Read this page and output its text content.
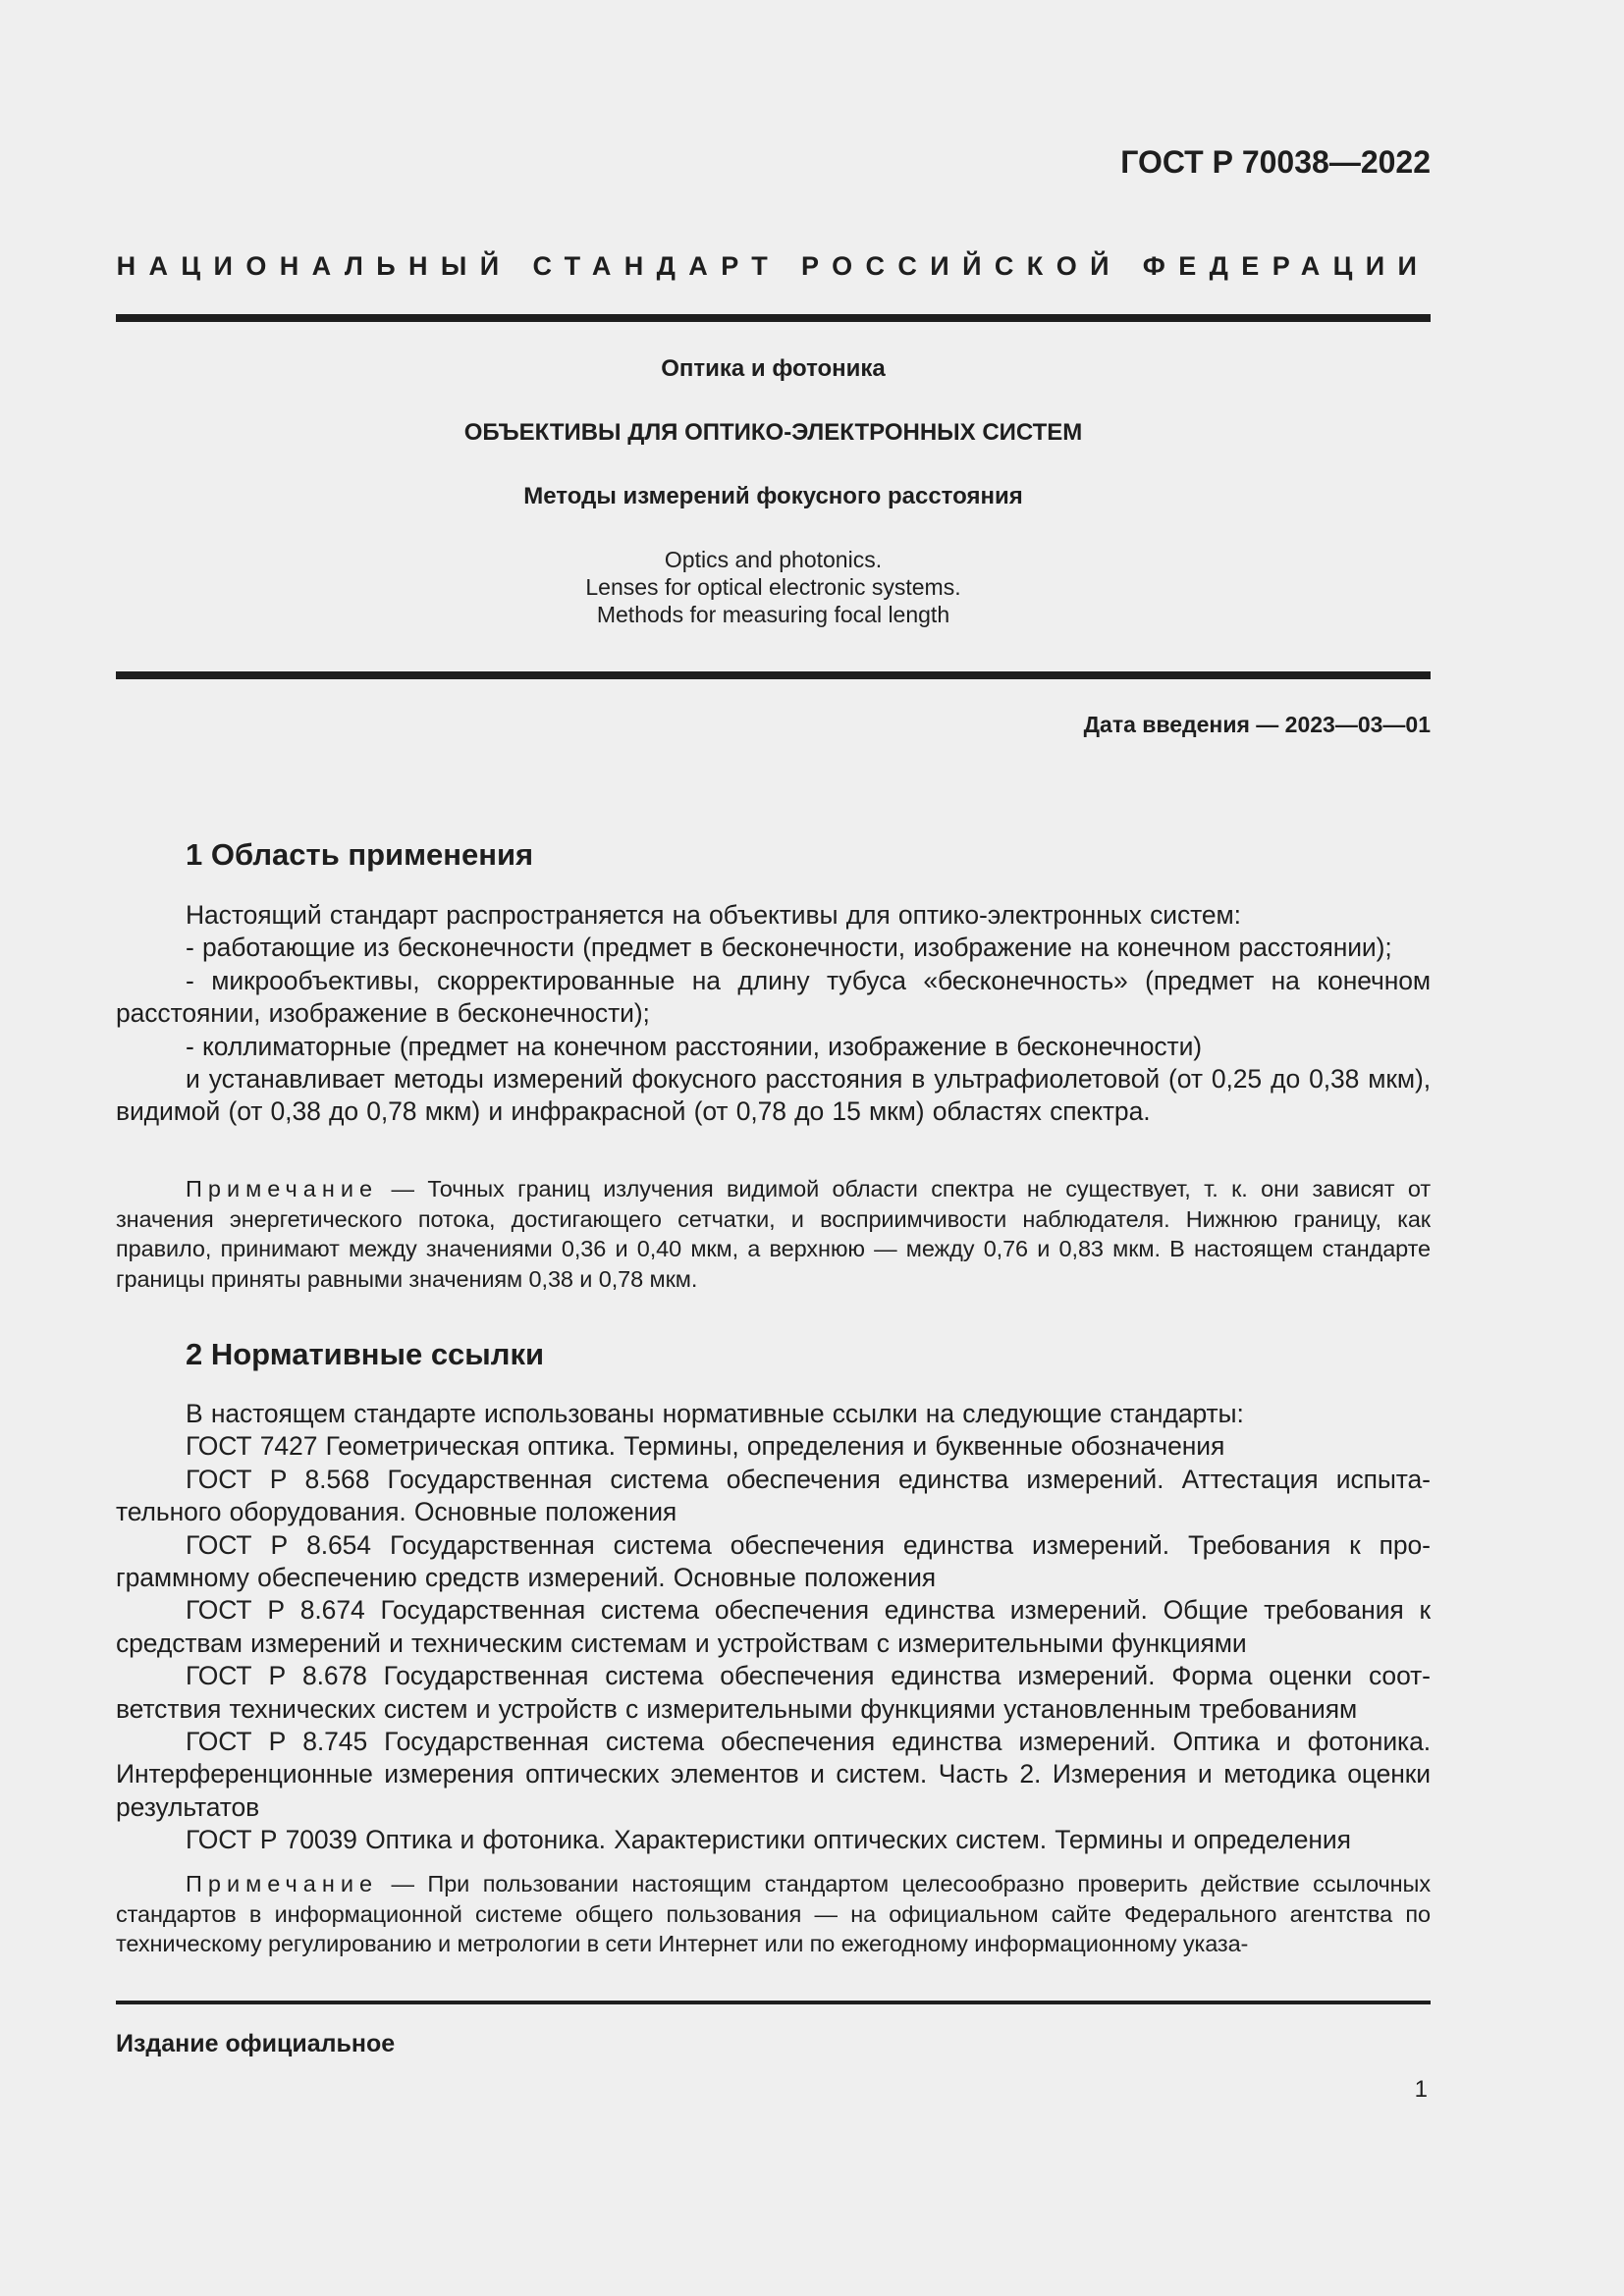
ГОСТ Р 70038—2022
НАЦИОНАЛЬНЫЙ СТАНДАРТ РОССИЙСКОЙ ФЕДЕРАЦИИ
Оптика и фотоника
ОБЪЕКТИВЫ ДЛЯ ОПТИКО-ЭЛЕКТРОННЫХ СИСТЕМ
Методы измерений фокусного расстояния
Optics and photonics.
Lenses for optical electronic systems.
Methods for measuring focal length
Дата введения — 2023—03—01
1 Область применения

Настоящий стандарт распространяется на объективы для оптико-электронных систем:

- работающие из бесконечности (предмет в бесконечности, изображение на конечном расстоянии);

- микрообъективы, скорректированные на длину тубуса «бесконечность» (предмет на конечном расстоянии, изображение в бесконечности);

- коллиматорные (предмет на конечном расстоянии, изображение в бесконечности)

и устанавливает методы измерений фокусного расстояния в ультрафиолетовой (от 0,25 до 0,38 мкм), видимой (от 0,38 до 0,78 мкм) и инфракрасной (от 0,78 до 15 мкм) областях спектра.

Примечание — Точных границ излучения видимой области спектра не существует, т. к. они зависят от значения энергетического потока, достигающего сетчатки, и восприимчивости наблюдателя. Нижнюю границу, как правило, принимают между значениями 0,36 и 0,40 мкм, а верхнюю — между 0,76 и 0,83 мкм. В настоящем стандарте границы приняты равными значениям 0,38 и 0,78 мкм.

2 Нормативные ссылки

В настоящем стандарте использованы нормативные ссылки на следующие стандарты:

ГОСТ 7427 Геометрическая оптика. Термины, определения и буквенные обозначения

ГОСТ Р 8.568 Государственная система обеспечения единства измерений. Аттестация испытательного оборудования. Основные положения

ГОСТ Р 8.654 Государственная система обеспечения единства измерений. Требования к программному обеспечению средств измерений. Основные положения

ГОСТ Р 8.674 Государственная система обеспечения единства измерений. Общие требования к средствам измерений и техническим системам и устройствам с измерительными функциями

ГОСТ Р 8.678 Государственная система обеспечения единства измерений. Форма оценки соответствия технических систем и устройств с измерительными функциями установленным требованиям

ГОСТ Р 8.745 Государственная система обеспечения единства измерений. Оптика и фотоника. Интерференционные измерения оптических элементов и систем. Часть 2. Измерения и методика оценки результатов

ГОСТ Р 70039 Оптика и фотоника. Характеристики оптических систем. Термины и определения

Примечание — При пользовании настоящим стандартом целесообразно проверить действие ссылочных стандартов в информационной системе общего пользования — на официальном сайте Федерального агентства по техническому регулированию и метрологии в сети Интернет или по ежегодному информационному указа-

Издание официальное
1
